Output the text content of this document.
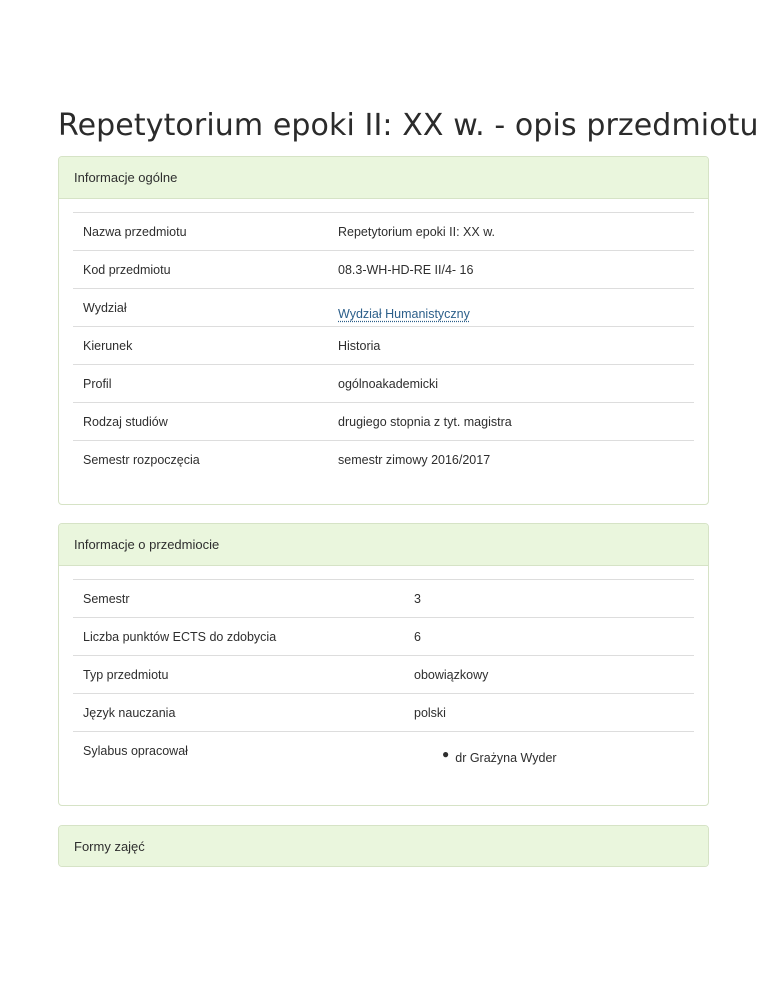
Repetytorium epoki II: XX w. - opis przedmiotu
Informacje ogólne
Nazwa przedmiotu	Repetytorium epoki II: XX w.
Kod przedmiotu	08.3-WH-HD-RE II/4- 16
Wydział	Wydział Humanistyczny
Kierunek	Historia
Profil	ogólnoakademicki
Rodzaj studiów	drugiego stopnia z tyt. magistra
Semestr rozpoczęcia	semestr zimowy 2016/2017
Informacje o przedmiocie
Semestr	3
Liczba punktów ECTS do zdobycia	6
Typ przedmiotu	obowiązkowy
Język nauczania	polski
Sylabus opracował	● dr Grażyna Wyder
Formy zajęć
